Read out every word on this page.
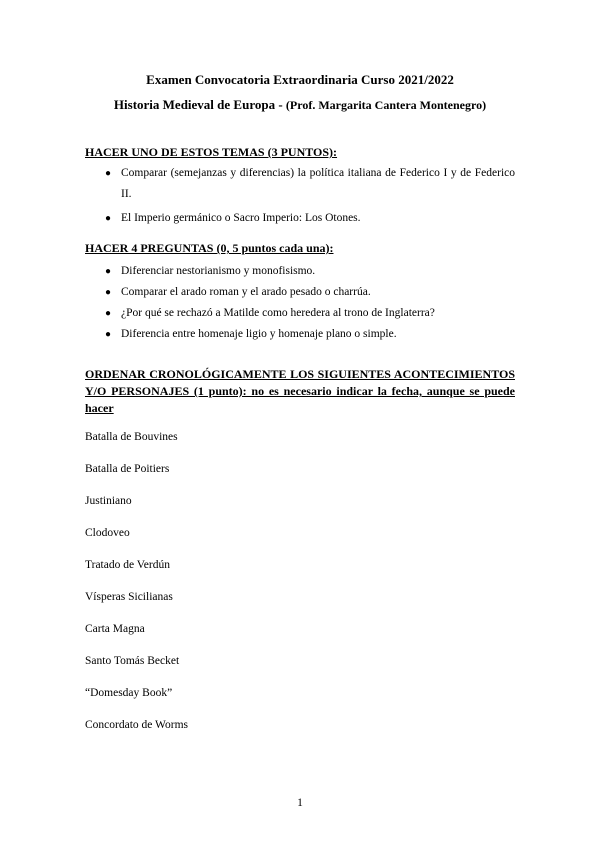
Examen Convocatoria Extraordinaria Curso 2021/2022
Historia Medieval de Europa - (Prof. Margarita Cantera Montenegro)
HACER UNO DE ESTOS TEMAS (3 PUNTOS):
● Comparar (semejanzas y diferencias) la política italiana de Federico I y de Federico II.
● El Imperio germánico o Sacro Imperio: Los Otones.
HACER 4 PREGUNTAS (0, 5 puntos cada una):
● Diferenciar nestorianismo y monofisismo.
● Comparar el arado roman y el arado pesado o charrúa.
● ¿Por qué se rechazó a Matilde como heredera al trono de Inglaterra?
● Diferencia entre homenaje ligio y homenaje plano o simple.
ORDENAR CRONOLÓGICAMENTE LOS SIGUIENTES ACONTECIMIENTOS Y/O PERSONAJES (1 punto): no es necesario indicar la fecha, aunque se puede hacer
Batalla de Bouvines
Batalla de Poitiers
Justiniano
Clodoveo
Tratado de Verdún
Vísperas Sicilianas
Carta Magna
Santo Tomás Becket
“Domesday Book”
Concordato de Worms
1
